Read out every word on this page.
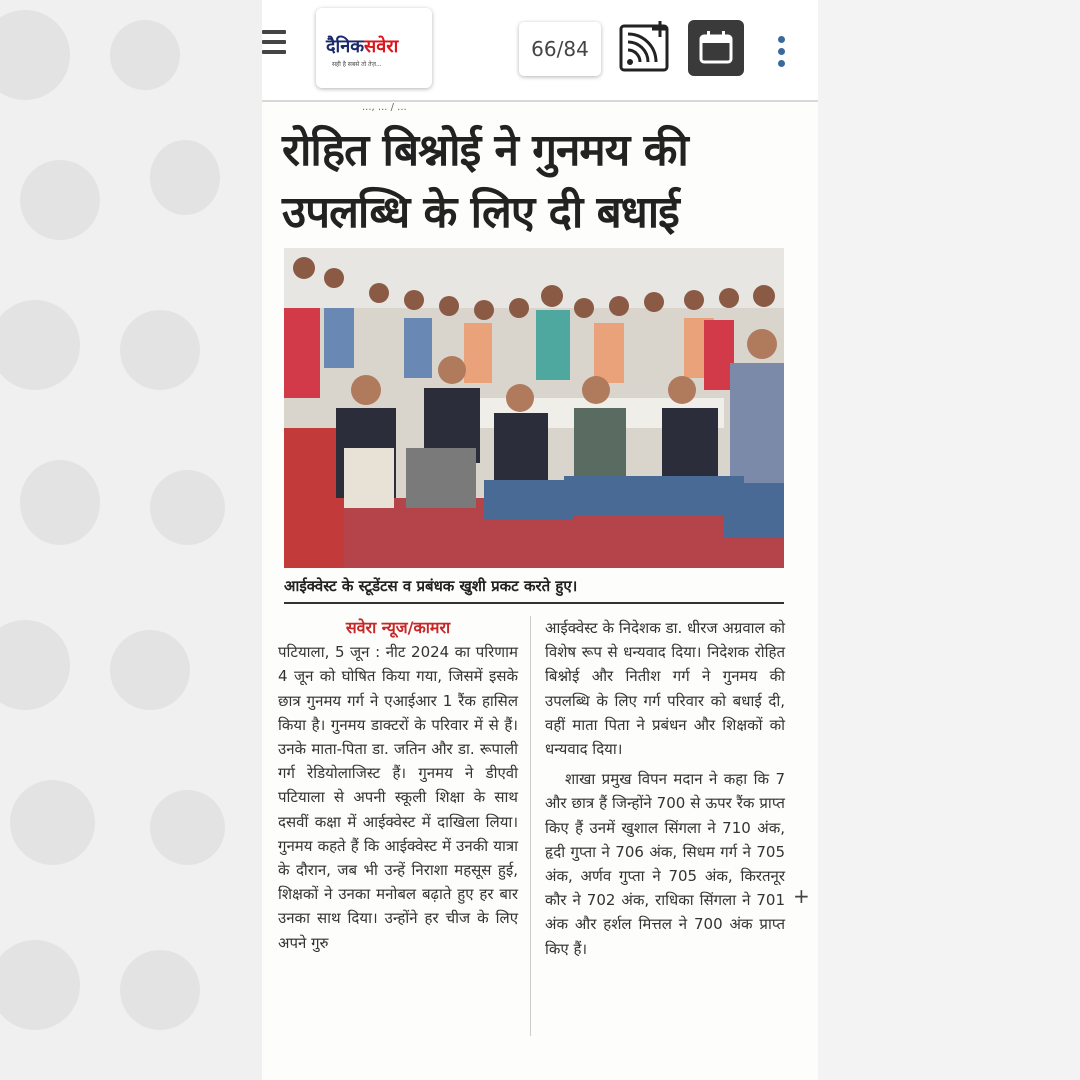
दैनिकसवेरा
सही है सबसे तो तेज़...
66/84
..., ... / ...
रोहित बिश्नोई ने गुनमय की उपलब्धि के लिए दी बधाई
आईक्वेस्ट के स्टूडेंटस व प्रबंधक खुशी प्रकट करते हुए।
सवेरा न्यूज/कामरा

पटियाला, 5 जून : नीट 2024 का परिणाम 4 जून को घोषित किया गया, जिसमें इसके छात्र गुनमय गर्ग ने एआईआर 1 रैंक हासिल किया है। गुनमय डाक्टरों के परिवार में से हैं। उनके माता-पिता डा. जतिन और डा. रूपाली गर्ग रेडियोलाजिस्ट हैं। गुनमय ने डीएवी पटियाला से अपनी स्कूली शिक्षा के साथ दसवीं कक्षा में आईक्वेस्ट में दाखिला लिया। गुनमय कहते हैं कि आईक्वेस्ट में उनकी यात्रा के दौरान, जब भी उन्हें निराशा महसूस हुई, शिक्षकों ने उनका मनोबल बढ़ाते हुए हर बार उनका साथ दिया। उन्होंने हर चीज के लिए अपने गुरु

आईक्वेस्ट के निदेशक डा. धीरज अग्रवाल को विशेष रूप से धन्यवाद दिया। निदेशक रोहित बिश्नोई और नितीश गर्ग ने गुनमय की उपलब्धि के लिए गर्ग परिवार को बधाई दी, वहीं माता पिता ने प्रबंधन और शिक्षकों को धन्यवाद दिया।

शाखा प्रमुख विपन मदान ने कहा कि 7 और छात्र हैं जिन्होंने 700 से ऊपर रैंक प्राप्त किए हैं उनमें खुशाल सिंगला ने 710 अंक, हृदी गुप्ता ने 706 अंक, सिधम गर्ग ने 705 अंक, अर्णव गुप्ता ने 705 अंक, किरतनूर कौर ने 702 अंक, राधिका सिंगला ने 701 अंक और हर्शल मित्तल ने 700 अंक प्राप्त किए हैं।

+
